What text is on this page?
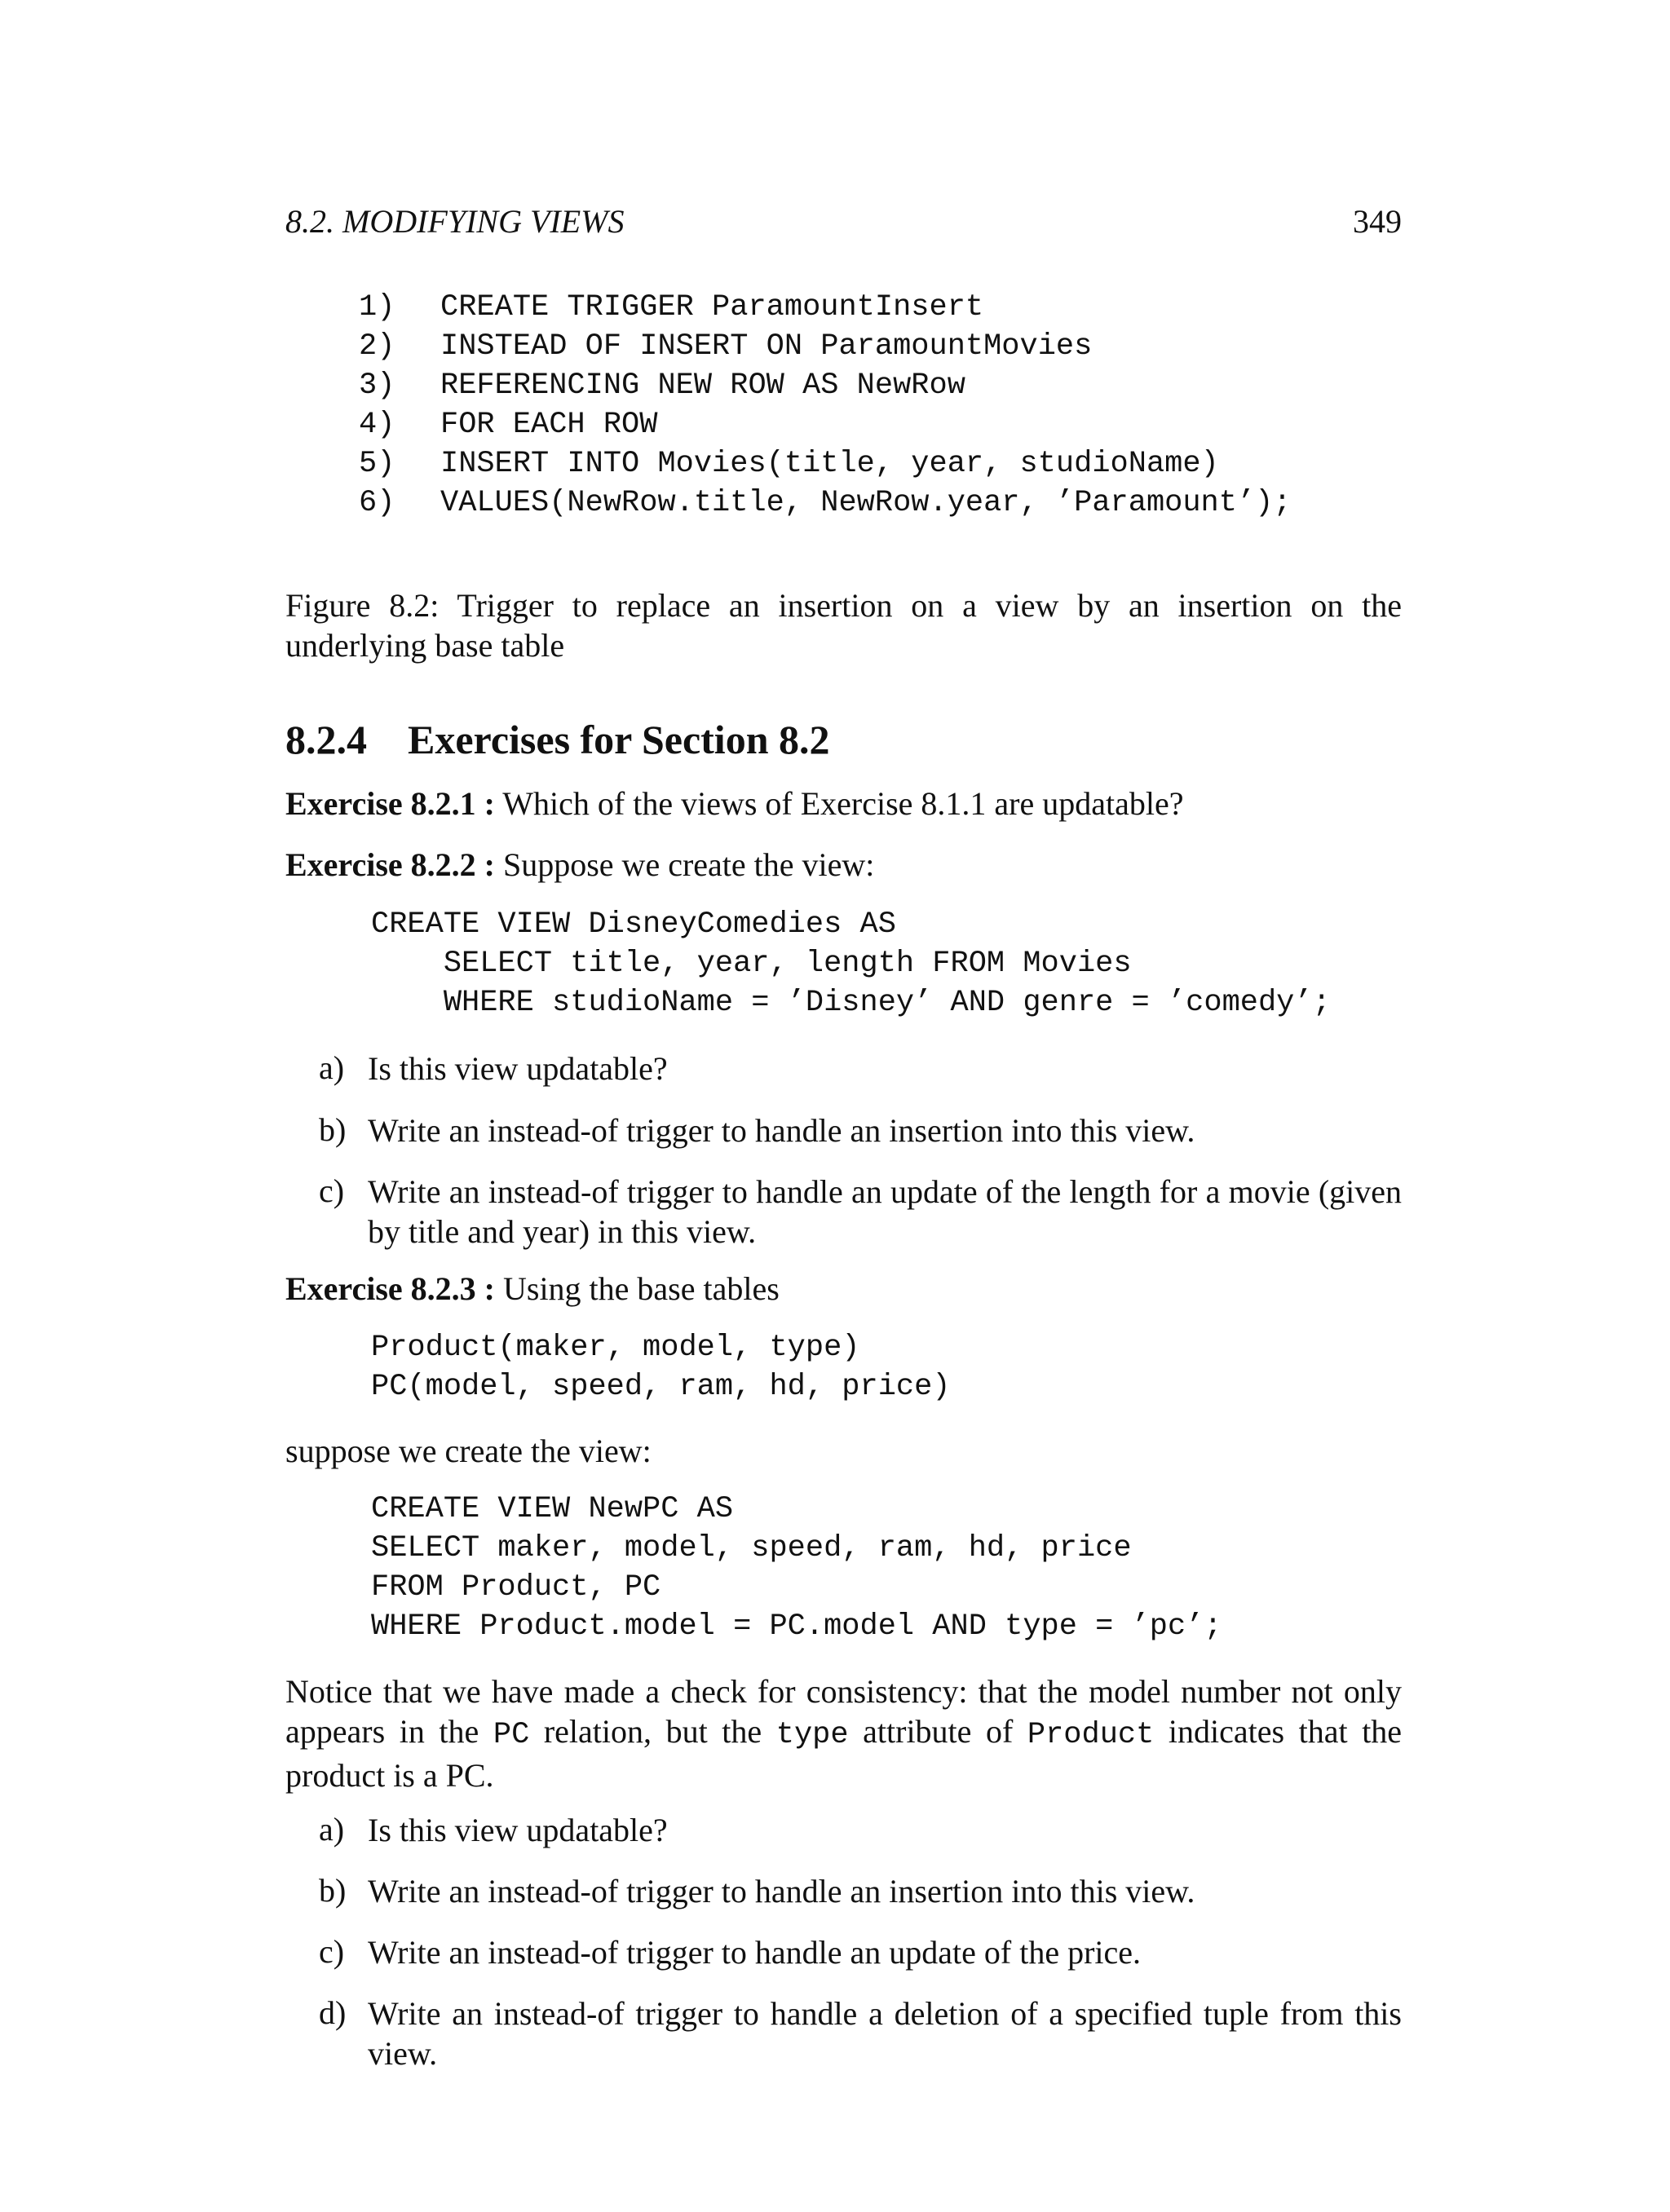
8.2. MODIFYING VIEWS	349
1) CREATE TRIGGER ParamountInsert
2) INSTEAD OF INSERT ON ParamountMovies
3) REFERENCING NEW ROW AS NewRow
4) FOR EACH ROW
5) INSERT INTO Movies(title, year, studioName)
6) VALUES(NewRow.title, NewRow.year, ’Paramount’);
Figure 8.2: Trigger to replace an insertion on a view by an insertion on the underlying base table
8.2.4 Exercises for Section 8.2
Exercise 8.2.1 : Which of the views of Exercise 8.1.1 are updatable?
Exercise 8.2.2 : Suppose we create the view:
CREATE VIEW DisneyComedies AS
SELECT title, year, length FROM Movies
WHERE studioName = ’Disney’ AND genre = ’comedy’;
a) Is this view updatable?
b) Write an instead-of trigger to handle an insertion into this view.
c) Write an instead-of trigger to handle an update of the length for a movie (given by title and year) in this view.
Exercise 8.2.3 : Using the base tables
Product(maker, model, type)
PC(model, speed, ram, hd, price)
suppose we create the view:
CREATE VIEW NewPC AS
SELECT maker, model, speed, ram, hd, price
FROM Product, PC
WHERE Product.model = PC.model AND type = ’pc’;
Notice that we have made a check for consistency: that the model number not only appears in the PC relation, but the type attribute of Product indicates that the product is a PC.
a) Is this view updatable?
b) Write an instead-of trigger to handle an insertion into this view.
c) Write an instead-of trigger to handle an update of the price.
d) Write an instead-of trigger to handle a deletion of a specified tuple from this view.
